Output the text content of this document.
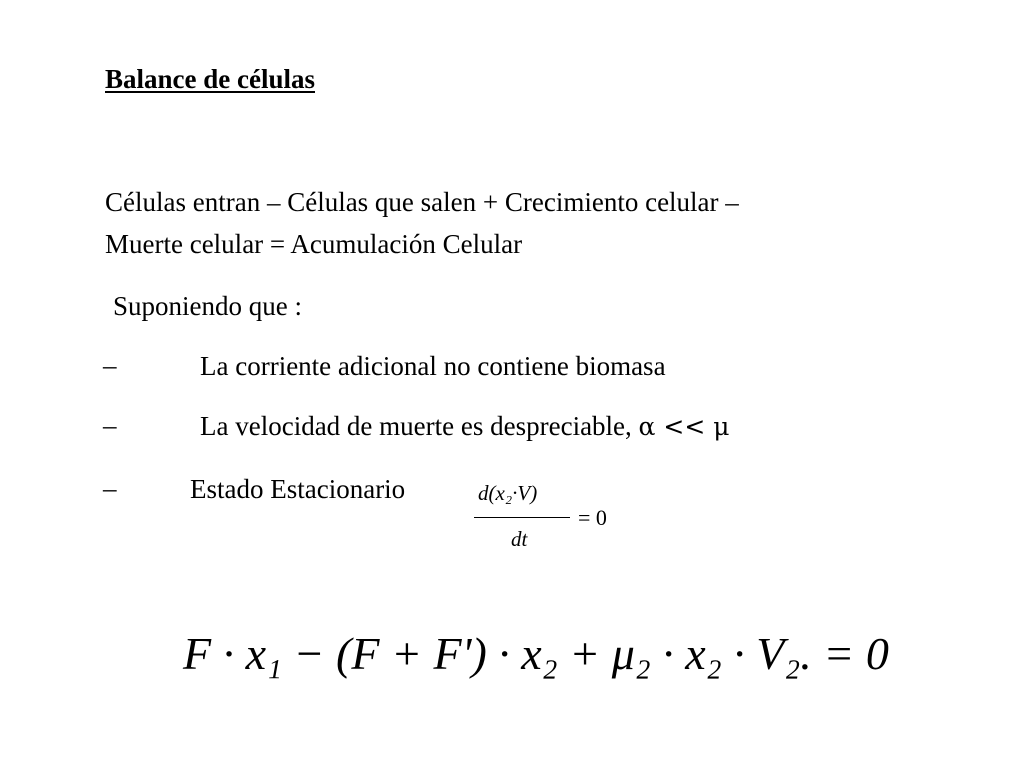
Balance de células
Células entran – Células que salen + Crecimiento celular –
Muerte celular = Acumulación Celular
Suponiendo que :
–	La corriente adicional no contiene biomasa
–	La velocidad de muerte es despreciable, α << μ
–	Estado Estacionario	d(x₂·V)
dt
= 0
F · x₁ − (F + F') · x₂ + μ₂ · x₂ · V₂. = 0
